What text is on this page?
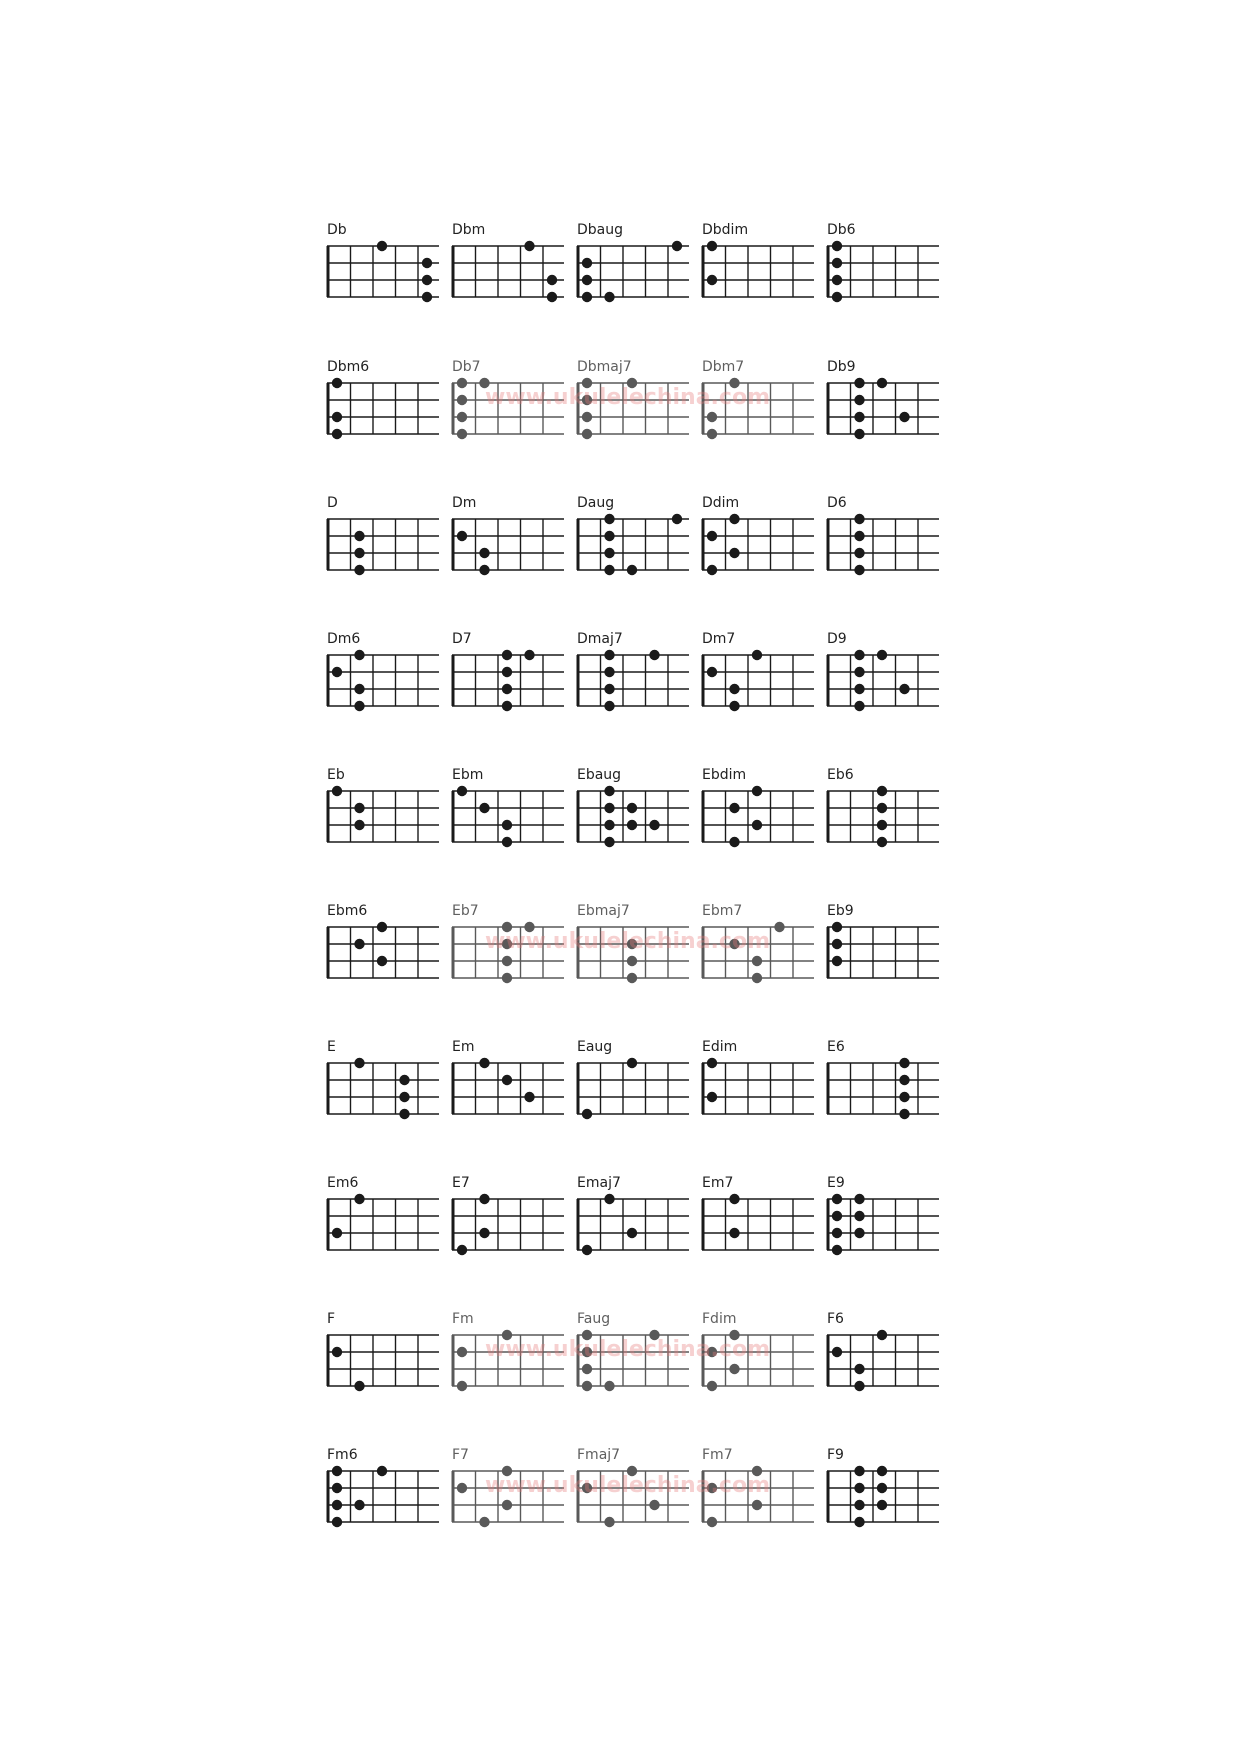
Db	Dbm	Dbaug	Dbdim	Db6
Dbm6	Db7	Dbmaj7	Dbm7	Db9
D	Dm	Daug	Ddim	D6
Dm6	D7	Dmaj7	Dm7	D9
Eb	Ebm	Ebaug	Ebdim	Eb6
Ebm6	Eb7	Ebmaj7	Ebm7	Eb9
E	Em	Eaug	Edim	E6
Em6	E7	Emaj7	Em7	E9
F	Fm	Faug	Fdim	F6
Fm6	F7	Fmaj7	Fm7	F9
www.ukulelechina.com
www.ukulelechina.com
www.ukulelechina.com
www.ukulelechina.com
